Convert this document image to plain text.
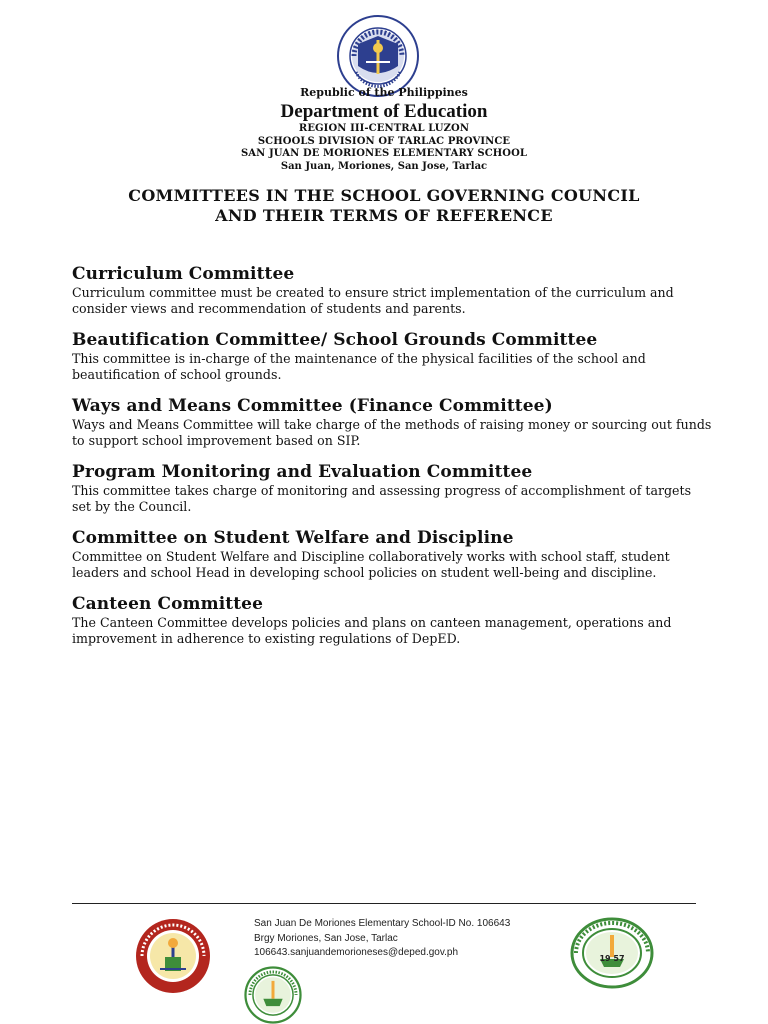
Republic of the Philippines
Department of Education
REGION III-CENTRAL LUZON
SCHOOLS DIVISION OF TARLAC PROVINCE
SAN JUAN DE MORIONES ELEMENTARY SCHOOL
San Juan, Moriones, San Jose, Tarlac
COMMITTEES IN THE SCHOOL GOVERNING COUNCIL
AND THEIR TERMS OF REFERENCE
Curriculum Committee

Curriculum committee must be created to ensure strict implementation of the curriculum and consider views and recommendation of students and parents.

Beautification Committee/ School Grounds Committee

This committee is in-charge of the maintenance of the physical facilities of the school and beautification of school grounds.

Ways and Means Committee (Finance Committee)

Ways and Means Committee will take charge of the methods of raising money or sourcing out funds to support school improvement based on SIP.

Program Monitoring and Evaluation Committee

This committee takes charge of monitoring and assessing progress of accomplishment of targets set by the Council.

Committee on Student Welfare and Discipline

Committee on Student Welfare and Discipline collaboratively works with school staff, student leaders and school Head in developing school policies on student well-being and discipline.

Canteen Committee

The Canteen Committee develops policies and plans on canteen management, operations and improvement in adherence to existing regulations of DepED.

19 57
San Juan De Moriones Elementary School-ID No. 106643
Brgy Moriones, San Jose, Tarlac
106643.sanjuandemorioneses@deped.gov.ph
